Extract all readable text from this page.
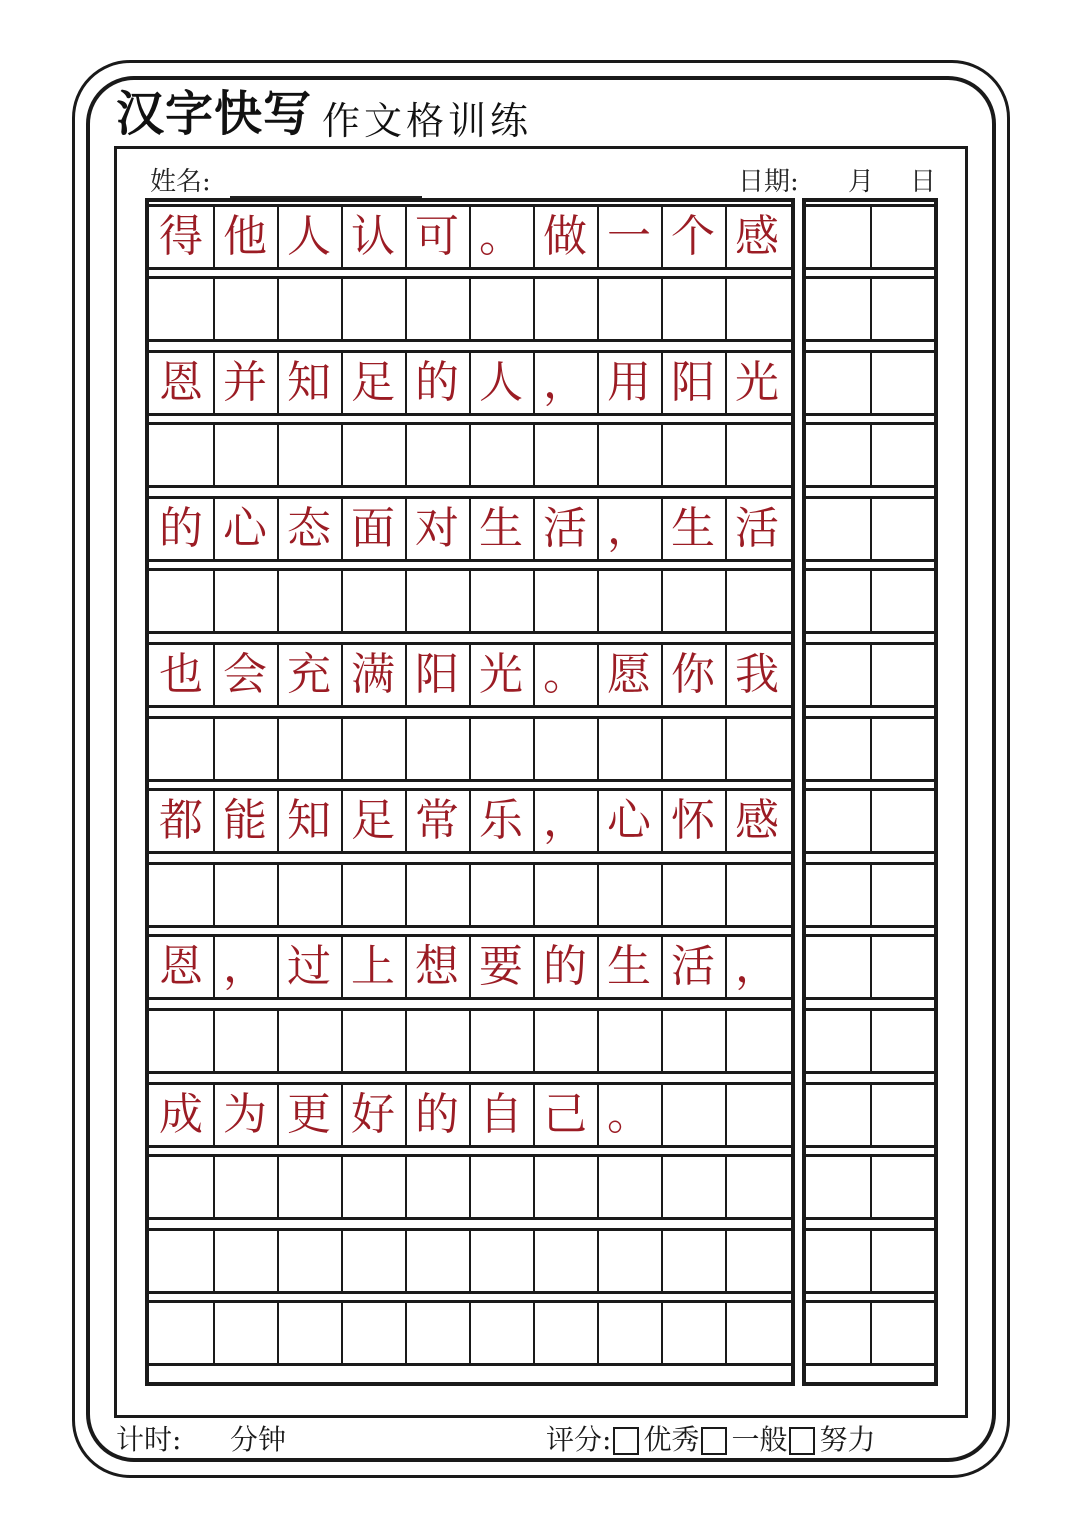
汉字快写 作文格训练
姓名:	日期: 月 日
得 他 人 认 可 。 做 一 个 感
恩 并 知 足 的 人 ， 用 阳 光
的 心 态 面 对 生 活 ， 生 活
也 会 充 满 阳 光 。 愿 你 我
都 能 知 足 常 乐 ， 心 怀 感
恩 ， 过 上 想 要 的 生 活 ，
成 为 更 好 的 自 己 。
计时: 分钟	评分: 优秀 一般 努力
